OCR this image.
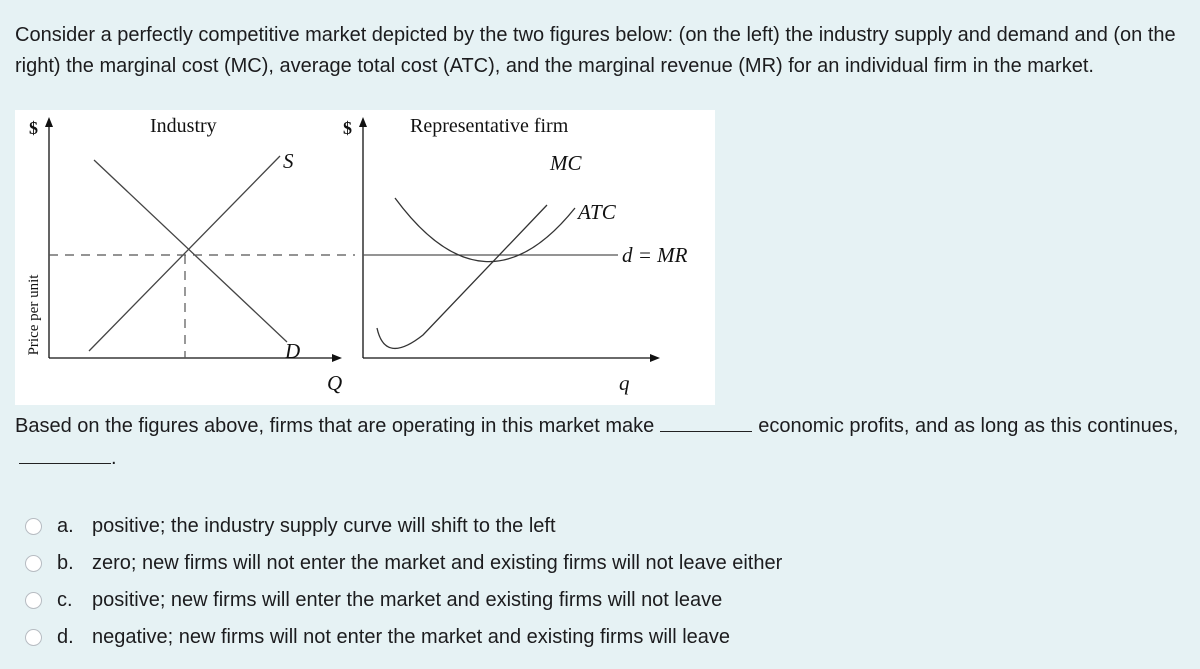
Consider a perfectly competitive market depicted by the two figures below: (on the left) the industry supply and demand and (on the right) the marginal cost (MC), average total cost (ATC), and the marginal revenue (MR) for an individual firm in the market.

Price per unit
$	Industry
S
D
Q
$	Representative firm
MC
ATC
d = MR
q

Based on the figures above, firms that are operating in this market make	economic profits, and as long as this continues,.

a. positive; the industry supply curve will shift to the left
b. zero; new firms will not enter the market and existing firms will not leave either
c. positive; new firms will enter the market and existing firms will not leave
d. negative; new firms will not enter the market and existing firms will leave
